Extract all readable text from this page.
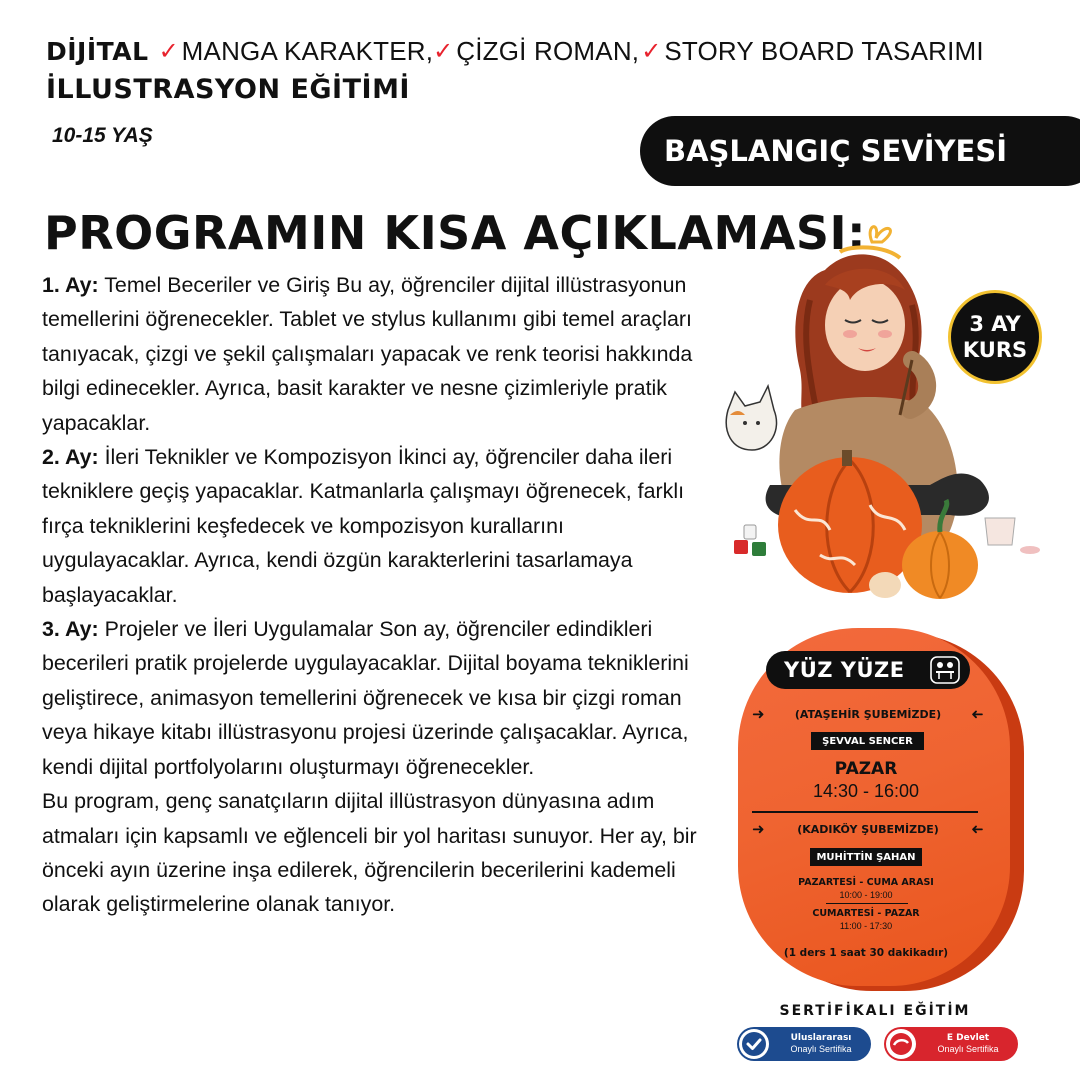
DİJİTAL ✓ MANGA KARAKTER, ✓ ÇİZGİ ROMAN, ✓ STORY BOARD TASARIMI
İLLUSTRASYON EĞİTİMİ
10-15 YAŞ	BAŞLANGIÇ SEVİYESİ
PROGRAMIN KISA AÇIKLAMASI:

1. Ay: Temel Beceriler ve Giriş Bu ay, öğrenciler dijital illüstrasyonun temellerini öğrenecekler. Tablet ve stylus kullanımı gibi temel araçları tanıyacak, çizgi ve şekil çalışmaları yapacak ve renk teorisi hakkında bilgi edinecekler. Ayrıca, basit karakter ve nesne çizimleriyle pratik yapacaklar.

2. Ay: İleri Teknikler ve Kompozisyon İkinci ay, öğrenciler daha ileri tekniklere geçiş yapacaklar. Katmanlarla çalışmayı öğrenecek, farklı fırça tekniklerini keşfedecek ve kompozisyon kurallarını uygulayacaklar. Ayrıca, kendi özgün karakterlerini tasarlamaya başlayacaklar.

3. Ay: Projeler ve İleri Uygulamalar Son ay, öğrenciler edindikleri becerileri pratik projelerde uygulayacaklar. Dijital boyama tekniklerini geliştirece, animasyon temellerini öğrenecek ve kısa bir çizgi roman veya hikaye kitabı illüstrasyonu projesi üzerinde çalışacaklar. Ayrıca, kendi dijital portfolyolarını oluşturmayı öğrenecekler.

Bu program, genç sanatçıların dijital illüstrasyon dünyasına adım atmaları için kapsamlı ve eğlenceli bir yol haritası sunuyor. Her ay, bir önceki ayın üzerine inşa edilerek, öğrencilerin becerilerini kademeli olarak geliştirmelerine olanak tanıyor.

3 AY
KURS
YÜZ YÜZE
➜	(ATAŞEHİR ŞUBEMİZDE) ➜
ŞEVVAL SENCER
PAZAR
14:30 - 16:00
➜	(KADIKÖY ŞUBEMİZDE) ➜
MUHİTTİN ŞAHAN
PAZARTESİ - CUMA ARASI
10:00 - 19:00
CUMARTESİ - PAZAR
11:00 - 17:30
(1 ders 1 saat 30 dakikadır)
SERTİFİKALI EĞİTİM
Uluslararası
Onaylı Sertifika
E Devlet
Onaylı Sertifika
